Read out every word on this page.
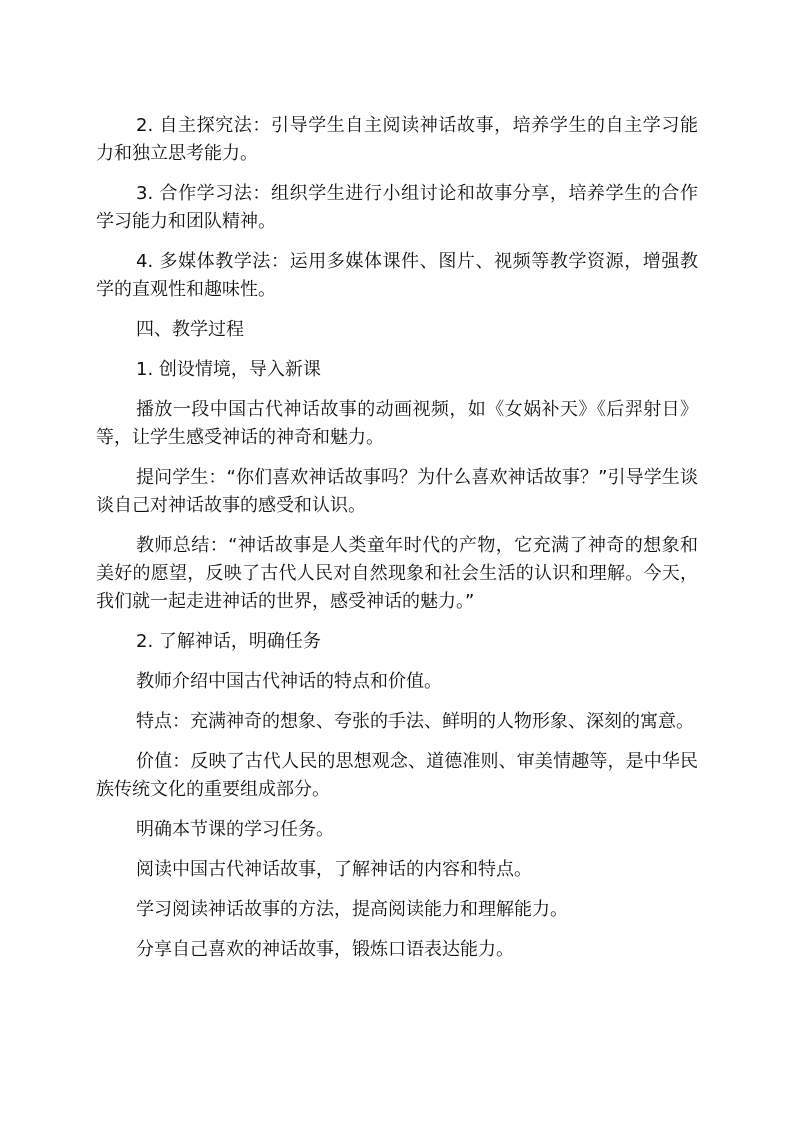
2. 自主探究法：引导学生自主阅读神话故事，培养学生的自主学习能力和独立思考能力。

3. 合作学习法：组织学生进行小组讨论和故事分享，培养学生的合作学习能力和团队精神。

4. 多媒体教学法：运用多媒体课件、图片、视频等教学资源，增强教学的直观性和趣味性。

四、教学过程

1. 创设情境，导入新课

播放一段中国古代神话故事的动画视频，如《女娲补天》《后羿射日》等，让学生感受神话的神奇和魅力。

提问学生：“你们喜欢神话故事吗？为什么喜欢神话故事？”引导学生谈谈自己对神话故事的感受和认识。

教师总结：“神话故事是人类童年时代的产物，它充满了神奇的想象和美好的愿望，反映了古代人民对自然现象和社会生活的认识和理解。今天，我们就一起走进神话的世界，感受神话的魅力。”

2. 了解神话，明确任务

教师介绍中国古代神话的特点和价值。

特点：充满神奇的想象、夸张的手法、鲜明的人物形象、深刻的寓意。

价值：反映了古代人民的思想观念、道德准则、审美情趣等，是中华民族传统文化的重要组成部分。

明确本节课的学习任务。

阅读中国古代神话故事，了解神话的内容和特点。

学习阅读神话故事的方法，提高阅读能力和理解能力。

分享自己喜欢的神话故事，锻炼口语表达能力。
